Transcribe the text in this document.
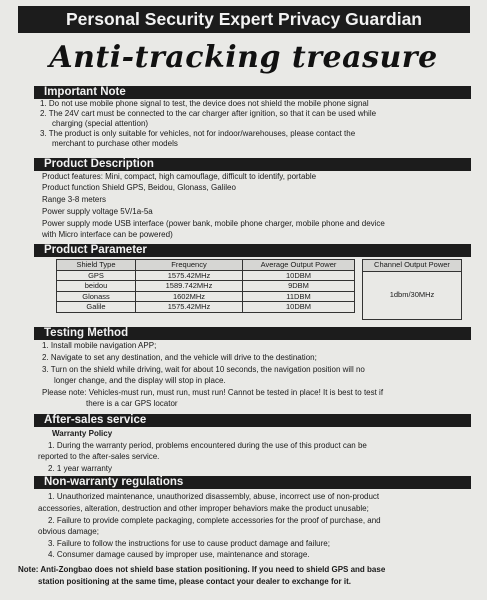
Personal Security Expert Privacy Guardian
Anti-tracking treasure
Important Note
1. Do not use mobile phone signal to test, the device does not shield the mobile phone signal
2. The 24V cart must be connected to the car charger after ignition, so that it can be used while
charging (special attention)
3. The product is only suitable for vehicles, not for indoor/warehouses, please contact the
merchant to purchase other models
Product Description
Product features: Mini, compact, high camouflage, difficult to identify, portable
Product function Shield GPS, Beidou, Glonass, Galileo
Range 3-8 meters
Power supply voltage 5V/1a-5a
Power supply mode USB interface (power bank, mobile phone charger, mobile phone and device
with Micro interface can be powered)
Product Parameter
Shield Type	Frequency	Average Output Power
GPS	1575.42MHz	10DBM
beidou	1589.742MHz	9DBM
Glonass	1602MHz	11DBM
Galile	1575.42MHz	10DBM
Channel Output Power
1dbm/30MHz
Testing Method
1. Install mobile navigation APP;
2. Navigate to set any destination, and the vehicle will drive to the destination;
3. Turn on the shield while driving, wait for about 10 seconds, the navigation position will no
longer change, and the display will stop in place.
Please note: Vehicles-must run, must run, must run! Cannot be tested in place! It is best to test if
there is a car GPS locator
After-sales service
Warranty Policy
1. During the warranty period, problems encountered during the use of this product can be
reported to the after-sales service.
2. 1 year warranty
Non-warranty regulations
1. Unauthorized maintenance, unauthorized disassembly, abuse, incorrect use of non-product
accessories, alteration, destruction and other improper behaviors make the product unusable;
2. Failure to provide complete packaging, complete accessories for the proof of purchase, and
obvious damage;
3. Failure to follow the instructions for use to cause product damage and failure;
4. Consumer damage caused by improper use, maintenance and storage.
Note: Anti-Zongbao does not shield base station positioning. If you need to shield GPS and base
station positioning at the same time, please contact your dealer to exchange for it.
